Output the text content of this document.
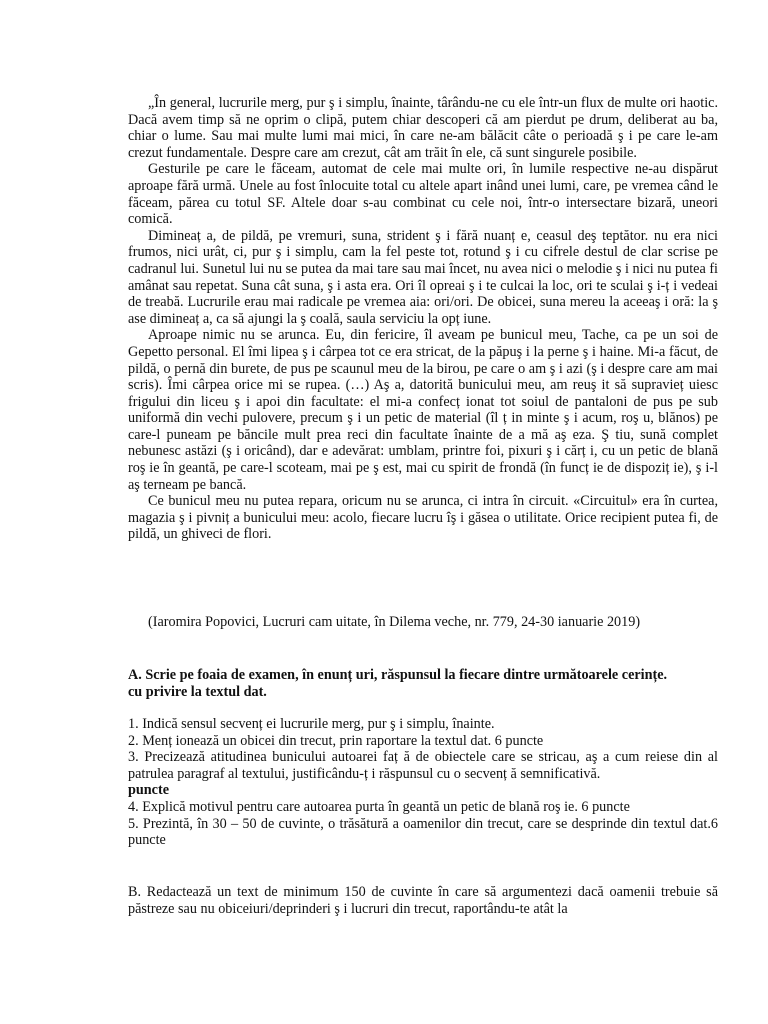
„În general, lucrurile merg, pur ş i simplu, înainte, târându-ne cu ele într-un flux de multe ori haotic. Dacă avem timp să ne oprim o clipă, putem chiar descoperi că am pierdut pe drum, deliberat au ba, chiar o lume. Sau mai multe lumi mai mici, în care ne-am bălăcit câte o perioadă ş i pe care le-am crezut fundamentale. Despre care am crezut, cât am trăit în ele, că sunt singurele posibile.

Gesturile pe care le făceam, automat de cele mai multe ori, în lumile respective ne-au dispărut aproape fără urmă. Unele au fost înlocuite total cu altele apart inând unei lumi, care, pe vremea când le făceam, părea cu totul SF. Altele doar s-au combinat cu cele noi, într-o intersectare bizară, uneori comică.

Dimineaț a, de pildă, pe vremuri, suna, strident ş i fără nuanț e, ceasul deş teptător. nu era nici frumos, nici urât, ci, pur ş i simplu, cam la fel peste tot, rotund ş i cu cifrele destul de clar scrise pe cadranul lui. Sunetul lui nu se putea da mai tare sau mai încet, nu avea nici o melodie ş i nici nu putea fi amânat sau repetat. Suna cât suna, ş i asta era. Ori îl opreai ş i te culcai la loc, ori te sculai ş i-ț i vedeai de treabă. Lucrurile erau mai radicale pe vremea aia: ori/ori. De obicei, suna mereu la aceeaş i oră: la ş ase dimineaț a, ca să ajungi la ş coală, saula serviciu la opț iune.

Aproape nimic nu se arunca. Eu, din fericire, îl aveam pe bunicul meu, Tache, ca pe un soi de Gepetto personal. El îmi lipea ş i cârpea tot ce era stricat, de la păpuş i la perne ş i haine. Mi-a făcut, de pildă, o pernă din burete, de pus pe scaunul meu de la birou, pe care o am ş i azi (ş i despre care am mai scris). Îmi cârpea orice mi se rupea. (…) Aş a, datorită bunicului meu, am reuş it să supravieț uiesc frigului din liceu ş i apoi din facultate: el mi-a confecț ionat tot soiul de pantaloni de pus pe sub uniformă din vechi pulovere, precum ş i un petic de material (îl ț in minte ş i acum, roş u, blănos) pe care-l puneam pe băncile mult prea reci din facultate înainte de a mă aş eza. Ş tiu, sună complet nebunesc astăzi (ş i oricând), dar e adevărat: umblam, printre foi, pixuri ş i cărț i, cu un petic de blană roş ie în geantă, pe care-l scoteam, mai pe ş est, mai cu spirit de frondă (în funcț ie de dispoziț ie), ş i-l aş terneam pe bancă.

Ce bunicul meu nu putea repara, oricum nu se arunca, ci intra în circuit. «Circuitul» era în curtea, magazia ş i pivniț a bunicului meu: acolo, fiecare lucru îş i găsea o utilitate. Orice recipient putea fi, de pildă, un ghiveci de flori.

(Iaromira Popovici, Lucruri cam uitate, în Dilema veche, nr. 779, 24-30 ianuarie 2019)

A. Scrie pe foaia de examen, în enunț uri, răspunsul la fiecare dintre următoarele cerințe.

cu privire la textul dat.

1. Indică sensul secvenț ei lucrurile merg, pur ş i simplu, înainte.

2. Menț ionează un obicei din trecut, prin raportare la textul dat. 6 puncte

3. Precizează atitudinea bunicului autoarei faț ă de obiectele care se stricau, aş a cum reiese din al patrulea paragraf al textului, justificându-ț i răspunsul cu o secvenț ă semnificativă.

puncte

4. Explică motivul pentru care autoarea purta în geantă un petic de blană roş ie. 6 puncte

5. Prezintă, în 30 – 50 de cuvinte, o trăsătură a oamenilor din trecut, care se desprinde din textul dat.6 puncte

B. Redactează un text de minimum 150 de cuvinte în care să argumentezi dacă oamenii trebuie să păstreze sau nu obiceiuri/deprinderi ş i lucruri din trecut, raportându-te atât la
